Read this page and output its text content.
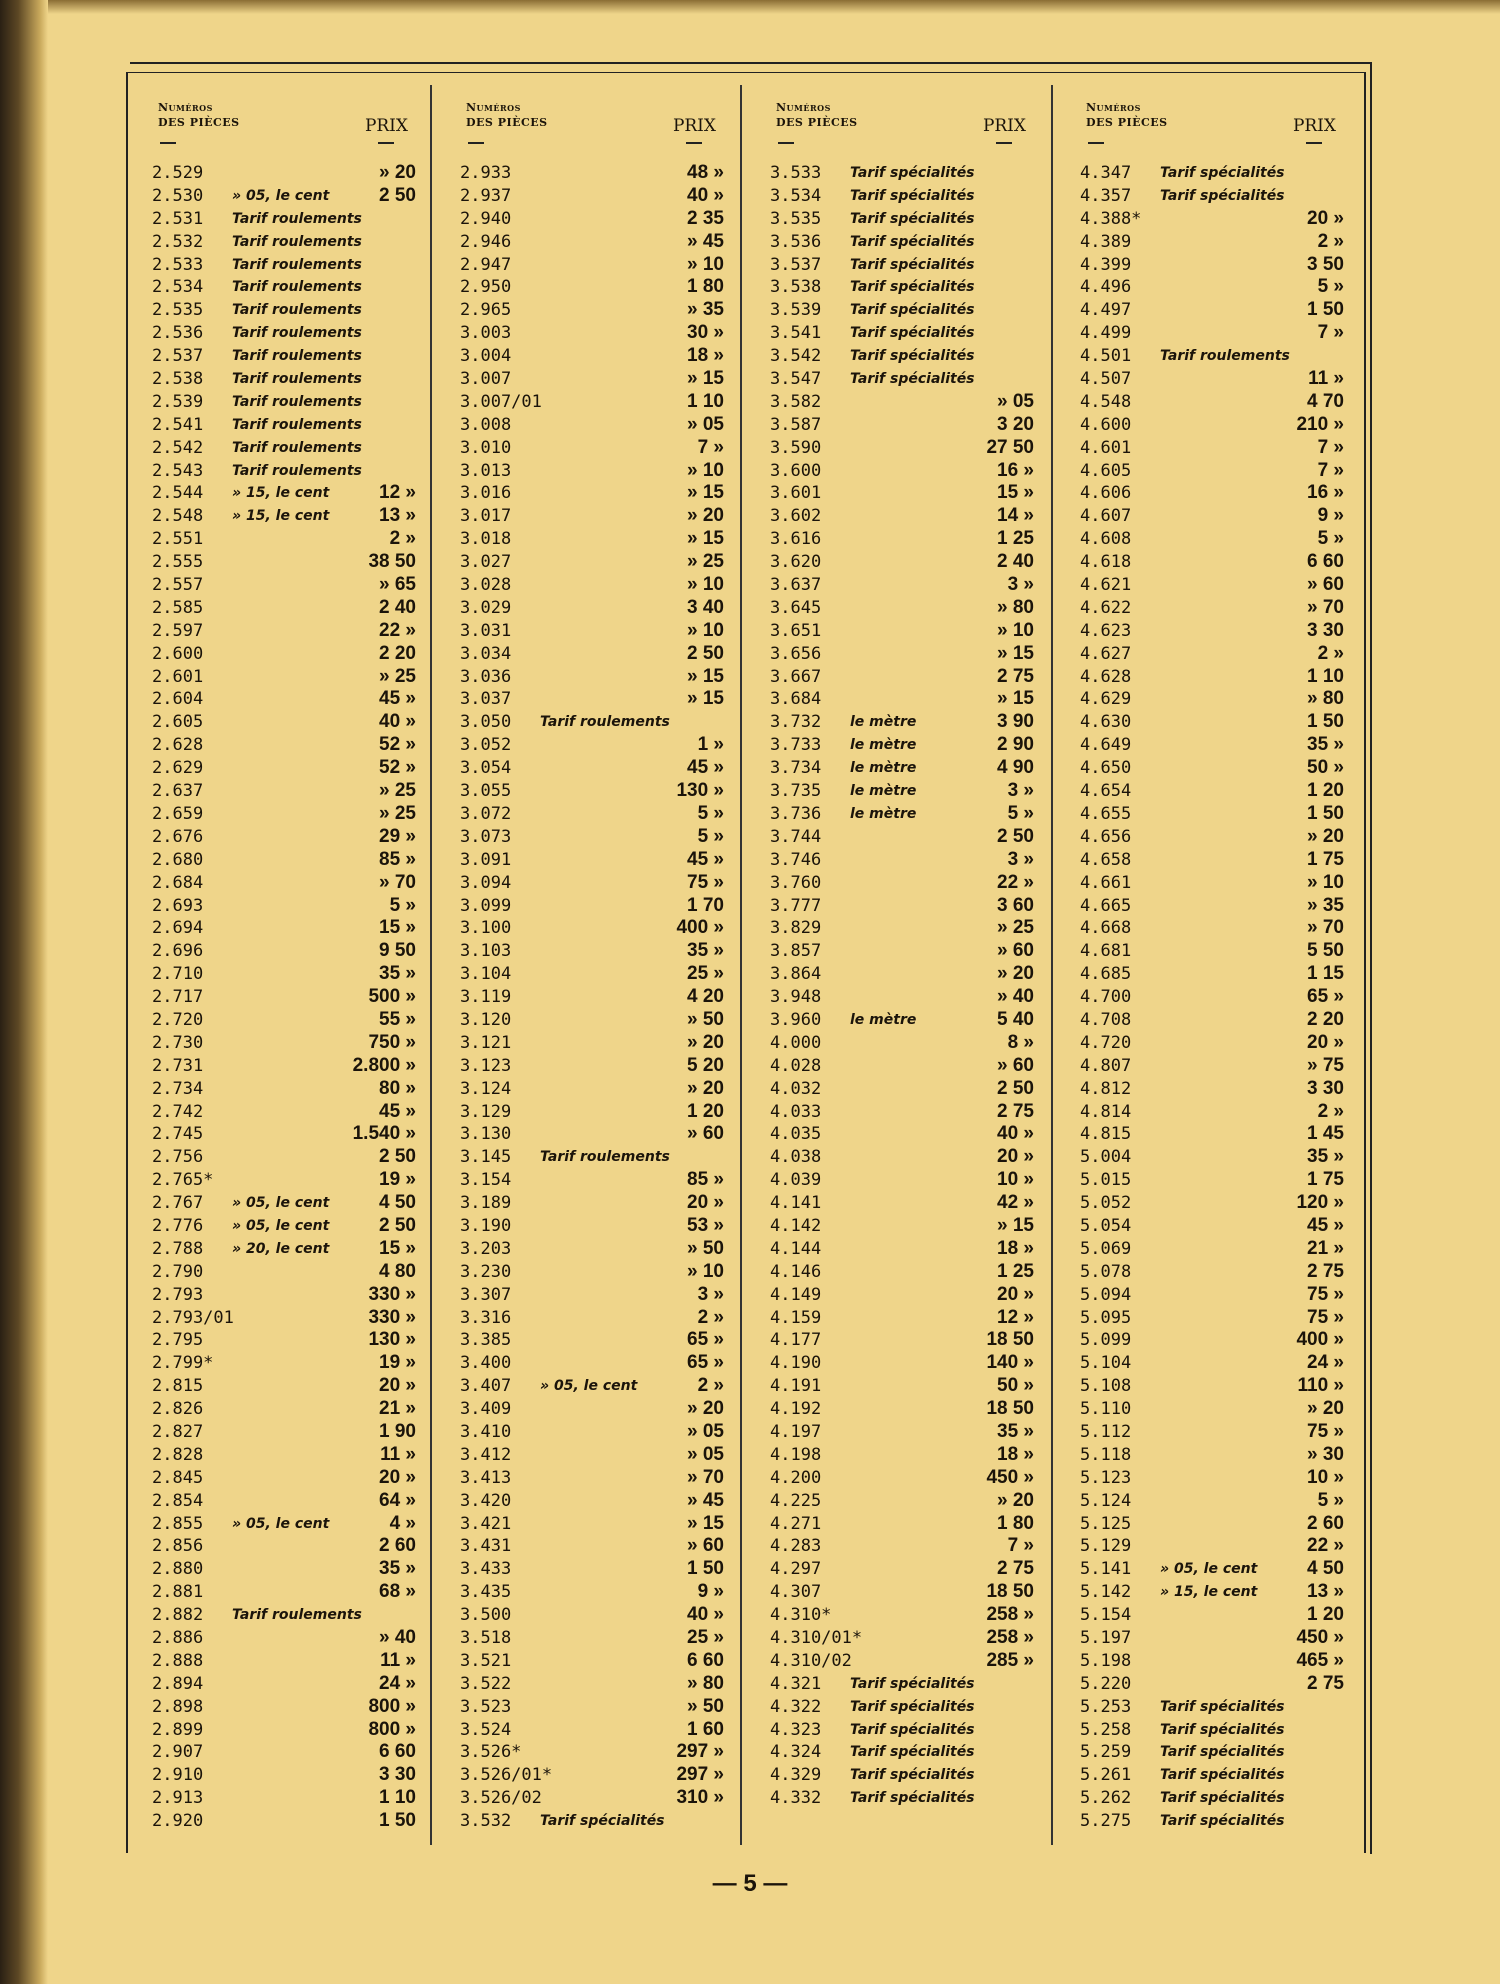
Numéros
DES PIÈCES	PRIX
2.529	» 20
2.530	» 05, le cent	2 50
2.531	Tarif roulements
2.532	Tarif roulements
2.533	Tarif roulements
2.534	Tarif roulements
2.535	Tarif roulements
2.536	Tarif roulements
2.537	Tarif roulements
2.538	Tarif roulements
2.539	Tarif roulements
2.541	Tarif roulements
2.542	Tarif roulements
2.543	Tarif roulements
2.544	» 15, le cent	12 »
2.548	» 15, le cent	13 »
2.551	2 »
2.555	38 50
2.557	» 65
2.585	2 40
2.597	22 »
2.600	2 20
2.601	» 25
2.604	45 »
2.605	40 »
2.628	52 »
2.629	52 »
2.637	» 25
2.659	» 25
2.676	29 »
2.680	85 »
2.684	» 70
2.693	5 »
2.694	15 »
2.696	9 50
2.710	35 »
2.717	500 »
2.720	55 »
2.730	750 »
2.731	2.800 »
2.734	80 »
2.742	45 »
2.745	1.540 »
2.756	2 50
2.765*	19 »
2.767	» 05, le cent	4 50
2.776	» 05, le cent	2 50
2.788	» 20, le cent	15 »
2.790	4 80
2.793	330 »
2.793/01	330 »
2.795	130 »
2.799*	19 »
2.815	20 »
2.826	21 »
2.827	1 90
2.828	11 »
2.845	20 »
2.854	64 »
2.855	» 05, le cent	4 »
2.856	2 60
2.880	35 »
2.881	68 »
2.882	Tarif roulements
2.886	» 40
2.888	11 »
2.894	24 »
2.898	800 »
2.899	800 »
2.907	6 60
2.910	3 30
2.913	1 10
2.920	1 50
Numéros
DES PIÈCES	PRIX
2.933	48 »
2.937	40 »
2.940	2 35
2.946	» 45
2.947	» 10
2.950	1 80
2.965	» 35
3.003	30 »
3.004	18 »
3.007	» 15
3.007/01	1 10
3.008	» 05
3.010	7 »
3.013	» 10
3.016	» 15
3.017	» 20
3.018	» 15
3.027	» 25
3.028	» 10
3.029	3 40
3.031	» 10
3.034	2 50
3.036	» 15
3.037	» 15
3.050	Tarif roulements
3.052	1 »
3.054	45 »
3.055	130 »
3.072	5 »
3.073	5 »
3.091	45 »
3.094	75 »
3.099	1 70
3.100	400 »
3.103	35 »
3.104	25 »
3.119	4 20
3.120	» 50
3.121	» 20
3.123	5 20
3.124	» 20
3.129	1 20
3.130	» 60
3.145	Tarif roulements
3.154	85 »
3.189	20 »
3.190	53 »
3.203	» 50
3.230	» 10
3.307	3 »
3.316	2 »
3.385	65 »
3.400	65 »
3.407	» 05, le cent	2 »
3.409	» 20
3.410	» 05
3.412	» 05
3.413	» 70
3.420	» 45
3.421	» 15
3.431	» 60
3.433	1 50
3.435	9 »
3.500	40 »
3.518	25 »
3.521	6 60
3.522	» 80
3.523	» 50
3.524	1 60
3.526*	297 »
3.526/01*	297 »
3.526/02	310 »
3.532	Tarif spécialités
Numéros
DES PIÈCES	PRIX
3.533	Tarif spécialités
3.534	Tarif spécialités
3.535	Tarif spécialités
3.536	Tarif spécialités
3.537	Tarif spécialités
3.538	Tarif spécialités
3.539	Tarif spécialités
3.541	Tarif spécialités
3.542	Tarif spécialités
3.547	Tarif spécialités
3.582	» 05
3.587	3 20
3.590	27 50
3.600	16 »
3.601	15 »
3.602	14 »
3.616	1 25
3.620	2 40
3.637	3 »
3.645	» 80
3.651	» 10
3.656	» 15
3.667	2 75
3.684	» 15
3.732	le mètre	3 90
3.733	le mètre	2 90
3.734	le mètre	4 90
3.735	le mètre	3 »
3.736	le mètre	5 »
3.744	2 50
3.746	3 »
3.760	22 »
3.777	3 60
3.829	» 25
3.857	» 60
3.864	» 20
3.948	» 40
3.960	le mètre	5 40
4.000	8 »
4.028	» 60
4.032	2 50
4.033	2 75
4.035	40 »
4.038	20 »
4.039	10 »
4.141	42 »
4.142	» 15
4.144	18 »
4.146	1 25
4.149	20 »
4.159	12 »
4.177	18 50
4.190	140 »
4.191	50 »
4.192	18 50
4.197	35 »
4.198	18 »
4.200	450 »
4.225	» 20
4.271	1 80
4.283	7 »
4.297	2 75
4.307	18 50
4.310*	258 »
4.310/01*	258 »
4.310/02	285 »
4.321	Tarif spécialités
4.322	Tarif spécialités
4.323	Tarif spécialités
4.324	Tarif spécialités
4.329	Tarif spécialités
4.332	Tarif spécialités
Numéros
DES PIÈCES	PRIX
4.347	Tarif spécialités
4.357	Tarif spécialités
4.388*	20 »
4.389	2 »
4.399	3 50
4.496	5 »
4.497	1 50
4.499	7 »
4.501	Tarif roulements
4.507	11 »
4.548	4 70
4.600	210 »
4.601	7 »
4.605	7 »
4.606	16 »
4.607	9 »
4.608	5 »
4.618	6 60
4.621	» 60
4.622	» 70
4.623	3 30
4.627	2 »
4.628	1 10
4.629	» 80
4.630	1 50
4.649	35 »
4.650	50 »
4.654	1 20
4.655	1 50
4.656	» 20
4.658	1 75
4.661	» 10
4.665	» 35
4.668	» 70
4.681	5 50
4.685	1 15
4.700	65 »
4.708	2 20
4.720	20 »
4.807	» 75
4.812	3 30
4.814	2 »
4.815	1 45
5.004	35 »
5.015	1 75
5.052	120 »
5.054	45 »
5.069	21 »
5.078	2 75
5.094	75 »
5.095	75 »
5.099	400 »
5.104	24 »
5.108	110 »
5.110	» 20
5.112	75 »
5.118	» 30
5.123	10 »
5.124	5 »
5.125	2 60
5.129	22 »
5.141	» 05, le cent	4 50
5.142	» 15, le cent	13 »
5.154	1 20
5.197	450 »
5.198	465 »
5.220	2 75
5.253	Tarif spécialités
5.258	Tarif spécialités
5.259	Tarif spécialités
5.261	Tarif spécialités
5.262	Tarif spécialités
5.275	Tarif spécialités
— 5 —
